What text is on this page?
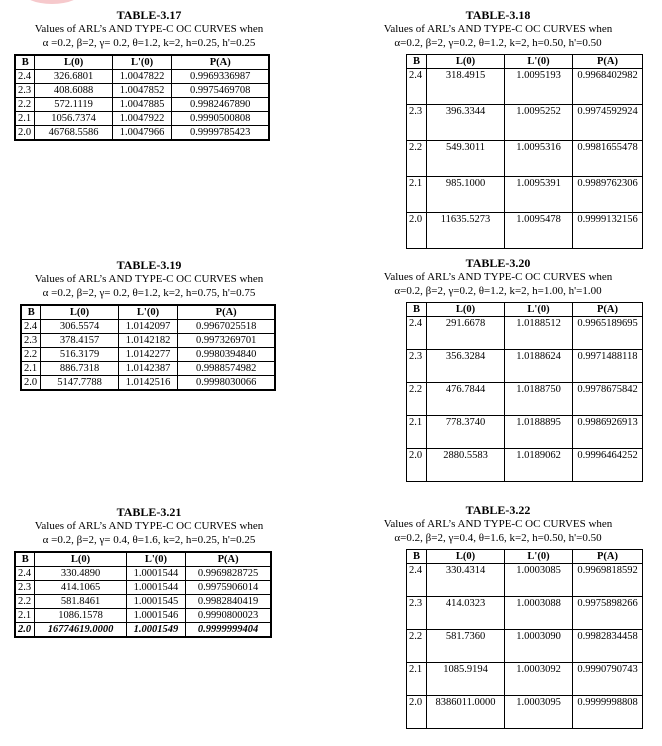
TABLE-3.17
Values of ARL’s AND TYPE-C OC CURVES when
α =0.2, β=2, γ= 0.2, θ=1.2, k=2, h=0.25, h'=0.25
B	L(0)	L'(0)	P(A)
2.4	326.6801	1.0047822	0.9969336987
2.3	408.6088	1.0047852	0.9975469708
2.2	572.1119	1.0047885	0.9982467890
2.1	1056.7374	1.0047922	0.9990500808
2.0	46768.5586	1.0047966	0.9999785423
TABLE-3.18
Values of ARL’s AND TYPE-C OC CURVES when
α=0.2, β=2, γ=0.2, θ=1.2, k=2, h=0.50, h'=0.50
B	L(0)	L'(0)	P(A)
2.4	318.4915	1.0095193	0.9968402982
2.3	396.3344	1.0095252	0.9974592924
2.2	549.3011	1.0095316	0.9981655478
2.1	985.1000	1.0095391	0.9989762306
2.0	11635.5273	1.0095478	0.9999132156
TABLE-3.19
Values of ARL’s AND TYPE-C OC CURVES when
α =0.2, β=2, γ= 0.2, θ=1.2, k=2, h=0.75, h'=0.75
B	L(0)	L'(0)	P(A)
2.4	306.5574	1.0142097	0.9967025518
2.3	378.4157	1.0142182	0.9973269701
2.2	516.3179	1.0142277	0.9980394840
2.1	886.7318	1.0142387	0.9988574982
2.0	5147.7788	1.0142516	0.9998030066
TABLE-3.20
Values of ARL’s AND TYPE-C OC CURVES when
α=0.2, β=2, γ=0.2, θ=1.2, k=2, h=1.00, h'=1.00
B	L(0)	L'(0)	P(A)
2.4	291.6678	1.0188512	0.9965189695
2.3	356.3284	1.0188624	0.9971488118
2.2	476.7844	1.0188750	0.9978675842
2.1	778.3740	1.0188895	0.9986926913
2.0	2880.5583	1.0189062	0.9996464252
TABLE-3.21
Values of ARL’s AND TYPE-C OC CURVES when
α =0.2, β=2, γ= 0.4, θ=1.6, k=2, h=0.25, h'=0.25
B	L(0)	L'(0)	P(A)
2.4	330.4890	1.0001544	0.9969828725
2.3	414.1065	1.0001544	0.9975906014
2.2	581.8461	1.0001545	0.9982840419
2.1	1086.1578	1.0001546	0.9990800023
2.0	16774619.0000	1.0001549	0.9999999404
TABLE-3.22
Values of ARL’s AND TYPE-C OC CURVES when
α=0.2, β=2, γ=0.4, θ=1.6, k=2, h=0.50, h'=0.50
B	L(0)	L'(0)	P(A)
2.4	330.4314	1.0003085	0.9969818592
2.3	414.0323	1.0003088	0.9975898266
2.2	581.7360	1.0003090	0.9982834458
2.1	1085.9194	1.0003092	0.9990790743
2.0	8386011.0000	1.0003095	0.9999998808
